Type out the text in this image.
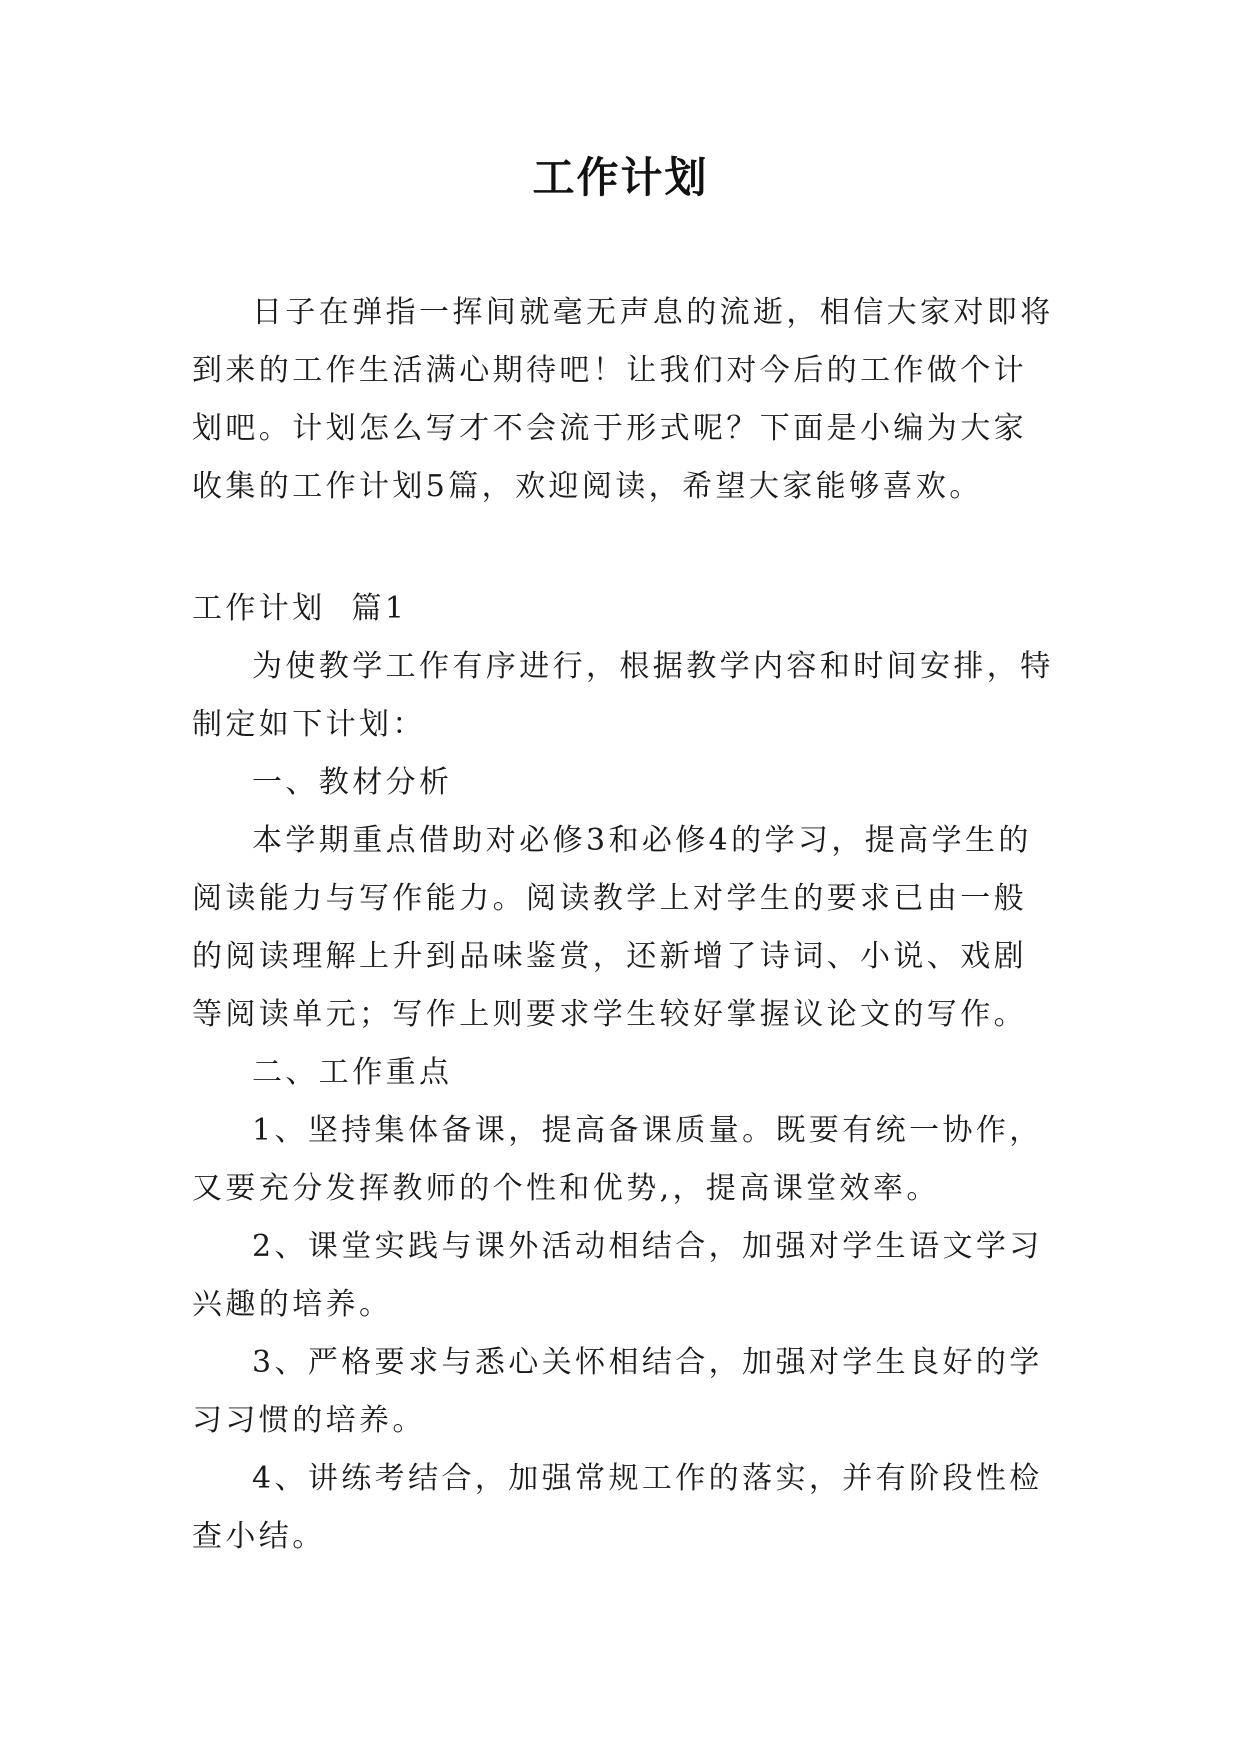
工作计划

日子在弹指一挥间就毫无声息的流逝，相信大家对即将到来的工作生活满心期待吧！让我们对今后的工作做个计划吧。计划怎么写才不会流于形式呢？下面是小编为大家收集的工作计划5篇，欢迎阅读，希望大家能够喜欢。

工作计划  篇1

为使教学工作有序进行，根据教学内容和时间安排，特制定如下计划：

一、教材分析

本学期重点借助对必修3和必修4的学习，提高学生的阅读能力与写作能力。阅读教学上对学生的要求已由一般的阅读理解上升到品味鉴赏，还新增了诗词、小说、戏剧等阅读单元；写作上则要求学生较好掌握议论文的写作。

二、工作重点

1、坚持集体备课，提高备课质量。既要有统一协作，又要充分发挥教师的个性和优势,，提高课堂效率。

2、课堂实践与课外活动相结合，加强对学生语文学习兴趣的培养。

3、严格要求与悉心关怀相结合，加强对学生良好的学习习惯的培养。

4、讲练考结合，加强常规工作的落实，并有阶段性检查小结。
